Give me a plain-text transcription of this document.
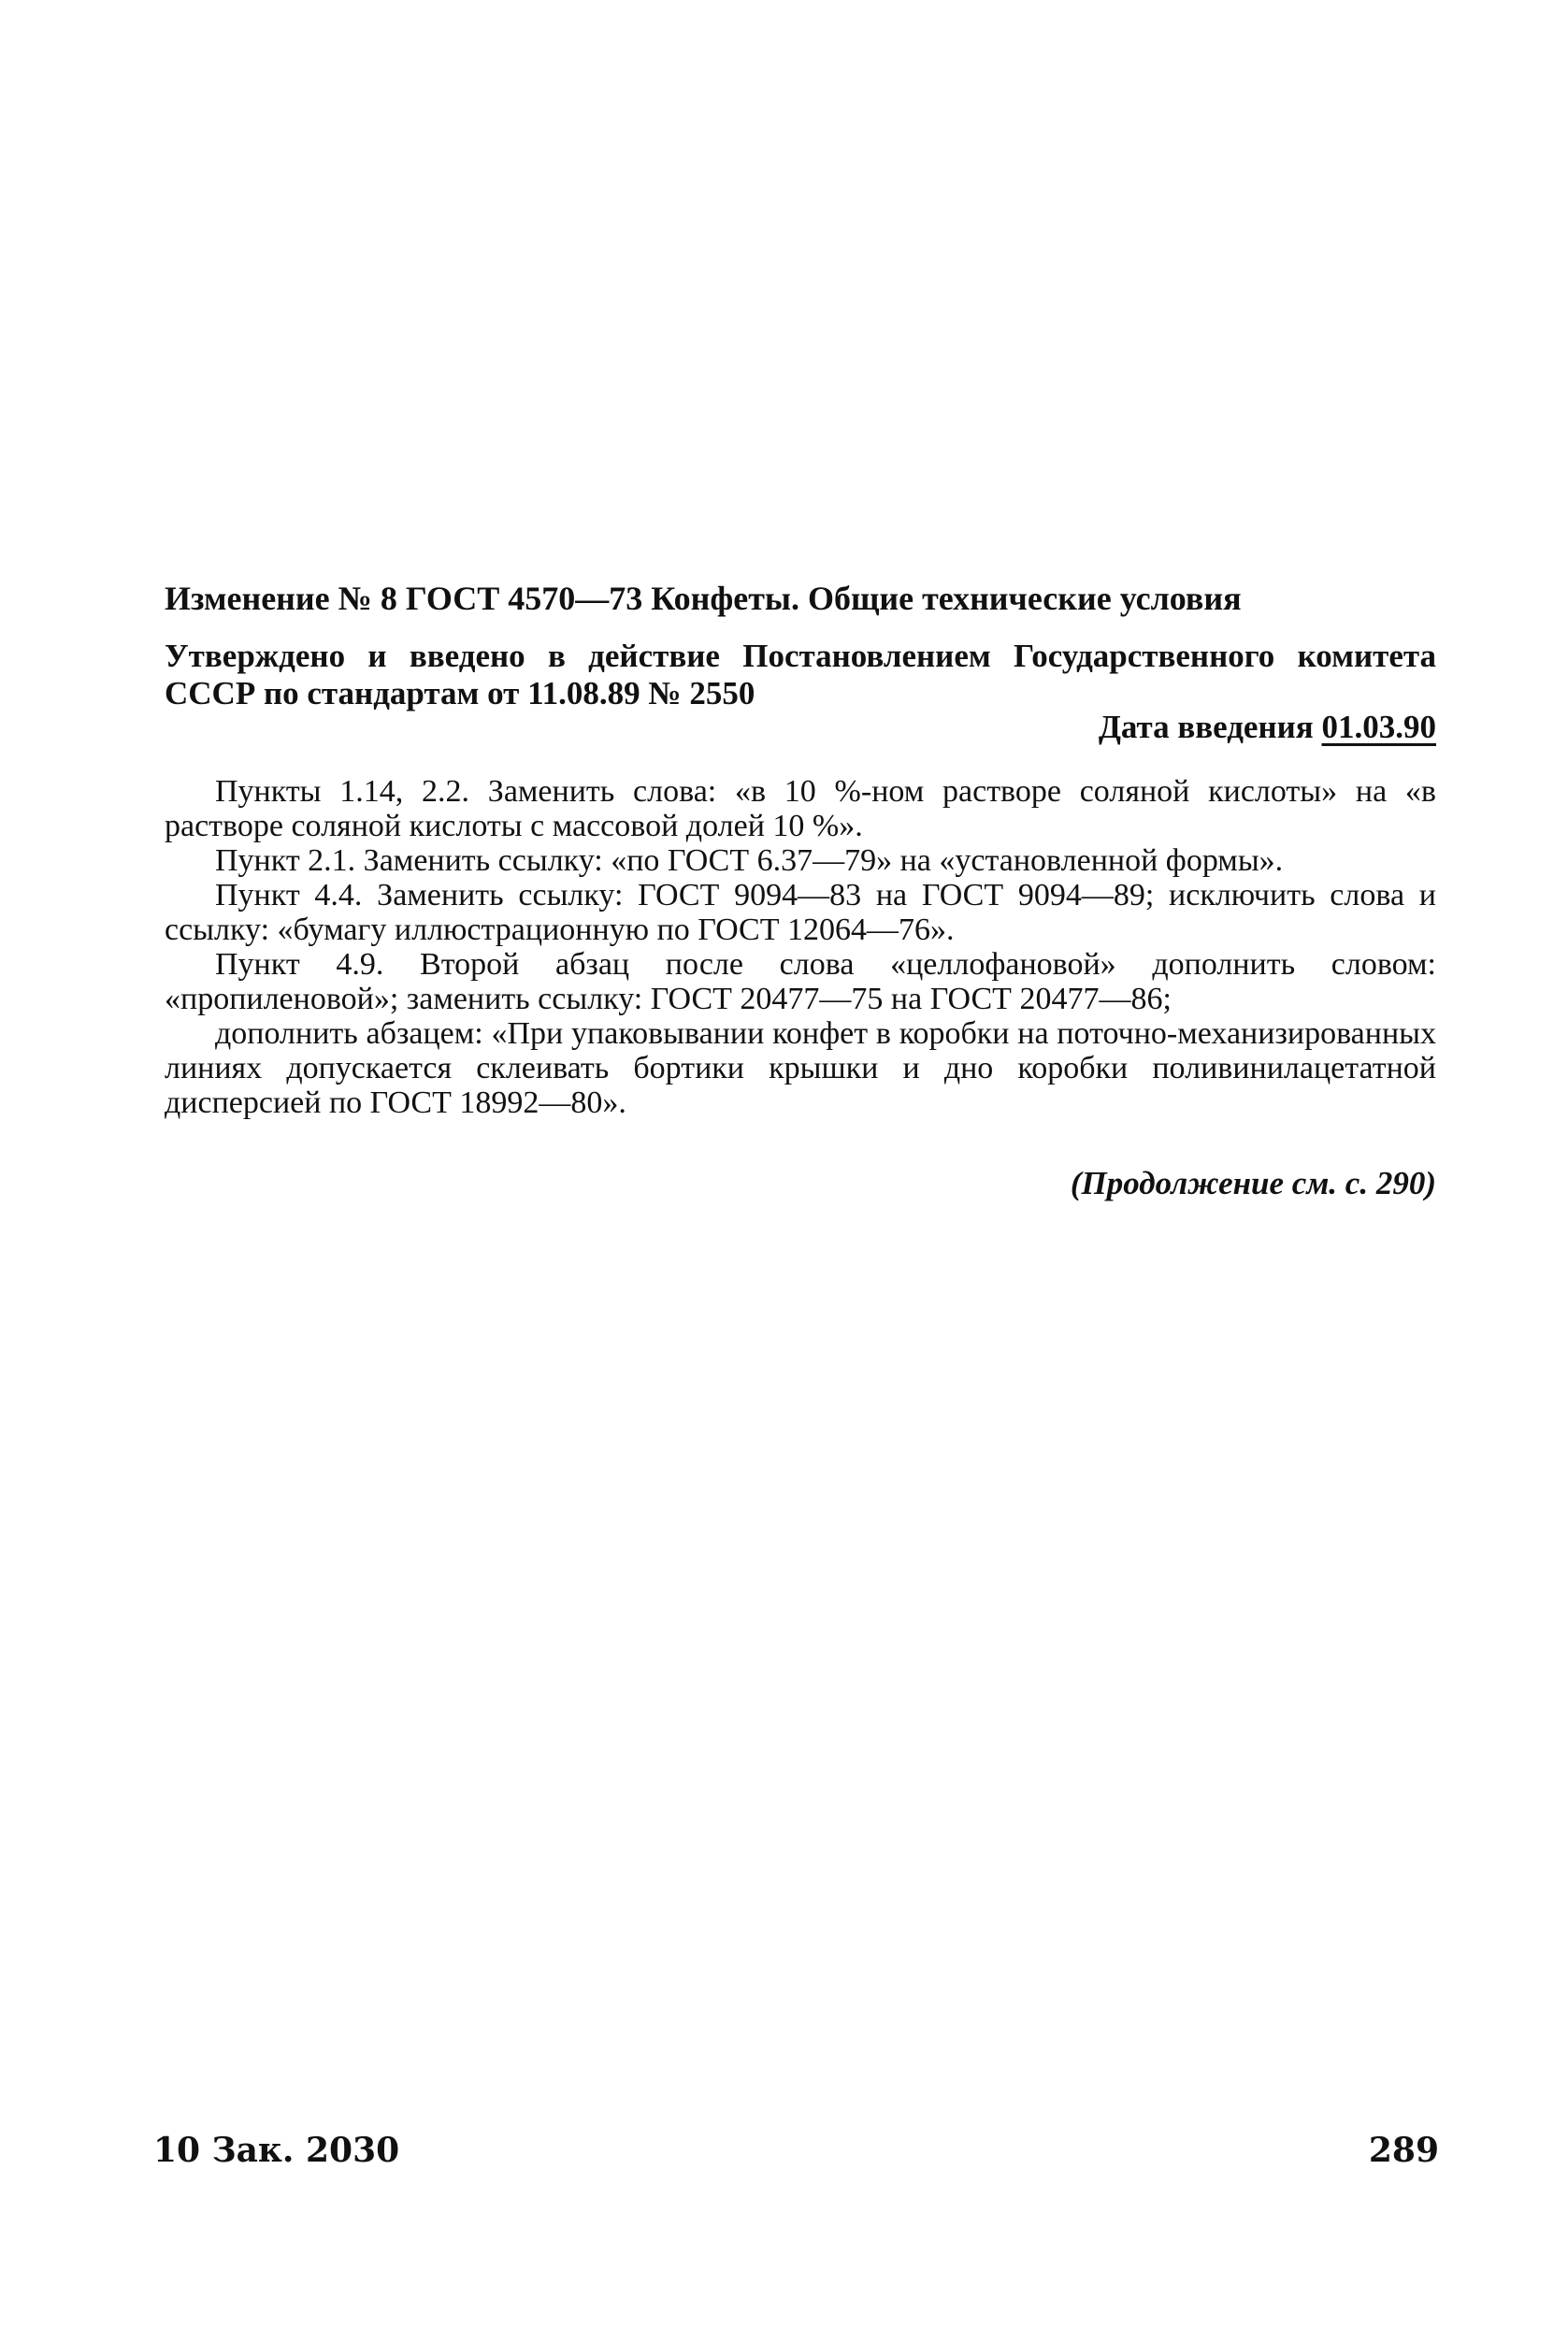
Изменение № 8 ГОСТ 4570—73 Конфеты. Общие технические условия
Утверждено и введено в действие Постановлением Государственного комитета
СССР по стандартам от 11.08.89 № 2550
Дата введения 01.03.90

Пункты 1.14, 2.2. Заменить слова: «в 10 %-ном растворе соляной кислоты» на «в растворе соляной кислоты с массовой долей 10 %».

Пункт 2.1. Заменить ссылку: «по ГОСТ 6.37—79» на «установленной формы».

Пункт 4.4. Заменить ссылку: ГОСТ 9094—83 на ГОСТ 9094—89; исключить слова и ссылку: «бумагу иллюстрационную по ГОСТ 12064—76».

Пункт 4.9. Второй абзац после слова «целлофановой» дополнить словом: «пропиленовой»; заменить ссылку: ГОСТ 20477—75 на ГОСТ 20477—86;

дополнить абзацем: «При упаковывании конфет в коробки на поточно-механизированных линиях допускается склеивать бортики крышки и дно коробки поливинилацетатной дисперсией по ГОСТ 18992—80».

(Продолжение см. с. 290)
10 Зак. 2030	289
